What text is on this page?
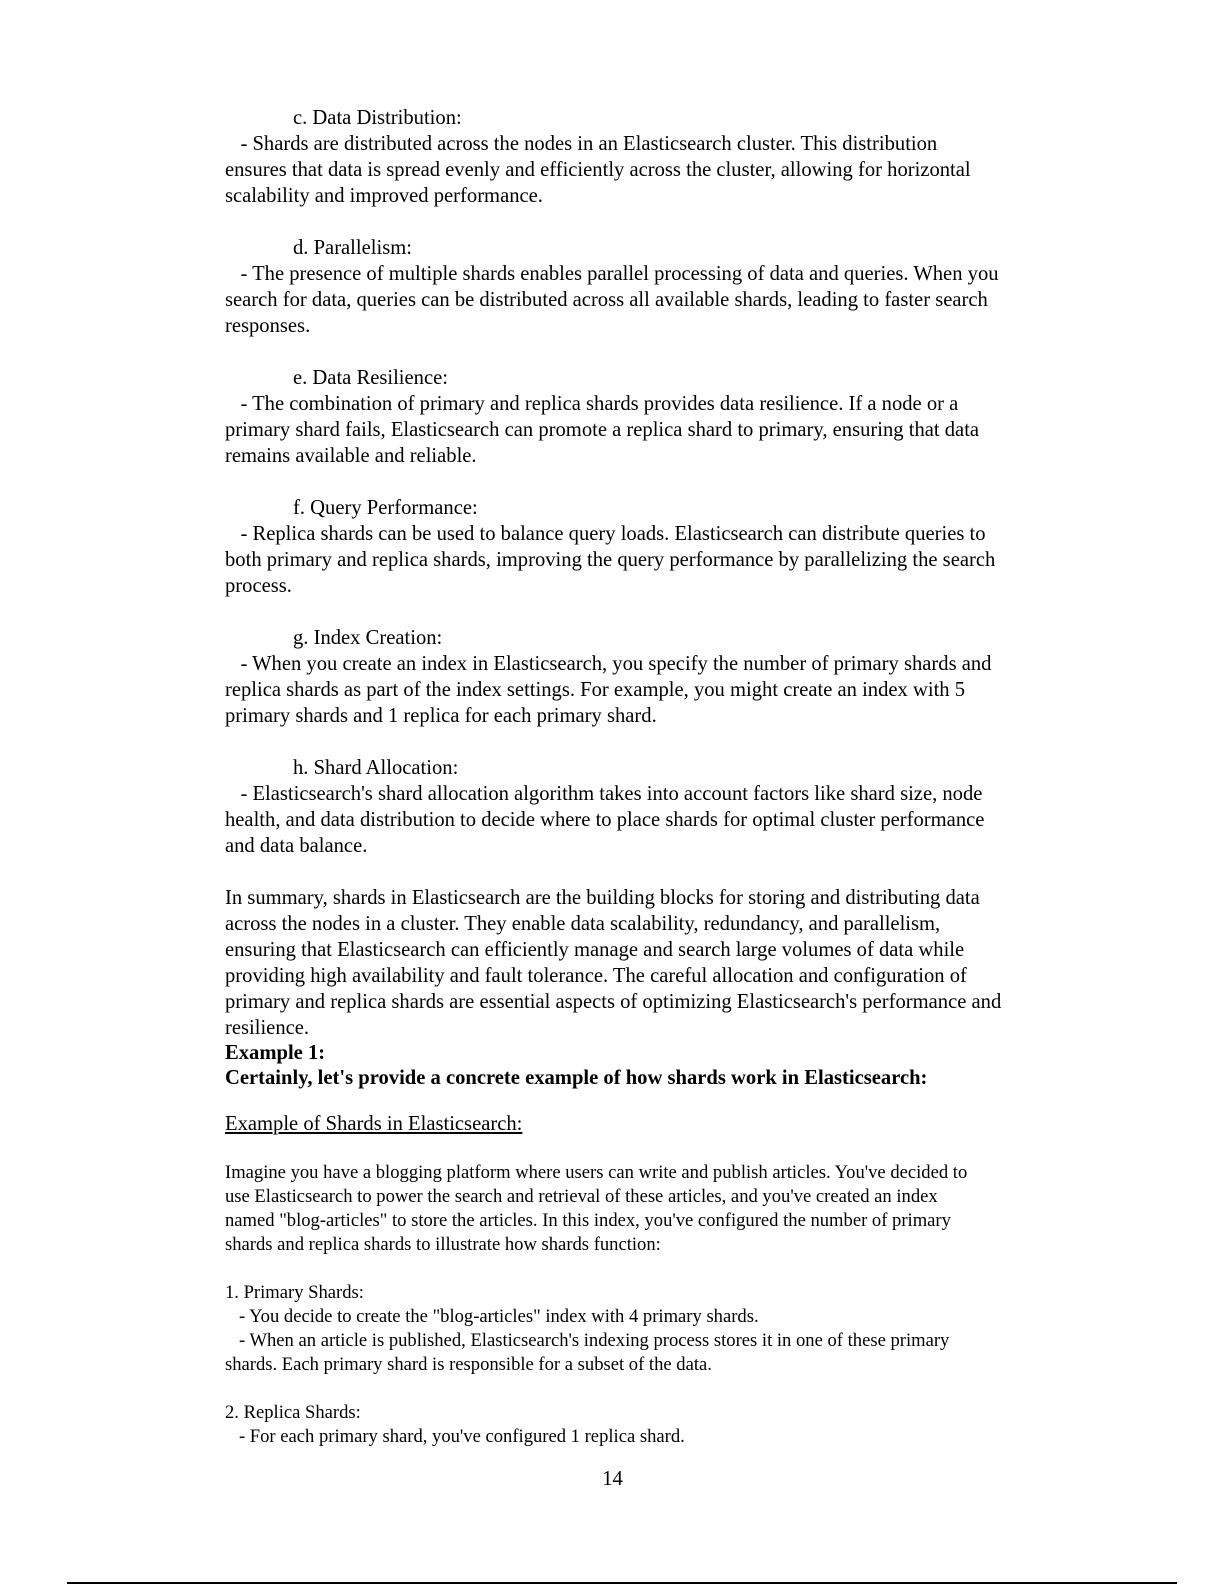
c. Data Distribution:

- Shards are distributed across the nodes in an Elasticsearch cluster. This distribution

ensures that data is spread evenly and efficiently across the cluster, allowing for horizontal

scalability and improved performance.

d. Parallelism:

- The presence of multiple shards enables parallel processing of data and queries. When you

search for data, queries can be distributed across all available shards, leading to faster search

responses.

e. Data Resilience:

- The combination of primary and replica shards provides data resilience. If a node or a

primary shard fails, Elasticsearch can promote a replica shard to primary, ensuring that data

remains available and reliable.

f. Query Performance:

- Replica shards can be used to balance query loads. Elasticsearch can distribute queries to

both primary and replica shards, improving the query performance by parallelizing the search

process.

g. Index Creation:

- When you create an index in Elasticsearch, you specify the number of primary shards and

replica shards as part of the index settings. For example, you might create an index with 5

primary shards and 1 replica for each primary shard.

h. Shard Allocation:

- Elasticsearch's shard allocation algorithm takes into account factors like shard size, node

health, and data distribution to decide where to place shards for optimal cluster performance

and data balance.

In summary, shards in Elasticsearch are the building blocks for storing and distributing data

across the nodes in a cluster. They enable data scalability, redundancy, and parallelism,

ensuring that Elasticsearch can efficiently manage and search large volumes of data while

providing high availability and fault tolerance. The careful allocation and configuration of

primary and replica shards are essential aspects of optimizing Elasticsearch's performance and

resilience.

Example 1:

Certainly, let's provide a concrete example of how shards work in Elasticsearch:

Example of Shards in Elasticsearch:

Imagine you have a blogging platform where users can write and publish articles. You've decided to

use Elasticsearch to power the search and retrieval of these articles, and you've created an index

named "blog-articles" to store the articles. In this index, you've configured the number of primary

shards and replica shards to illustrate how shards function:

1. Primary Shards:

- You decide to create the "blog-articles" index with 4 primary shards.

- When an article is published, Elasticsearch's indexing process stores it in one of these primary

shards. Each primary shard is responsible for a subset of the data.

2. Replica Shards:

- For each primary shard, you've configured 1 replica shard.

14
